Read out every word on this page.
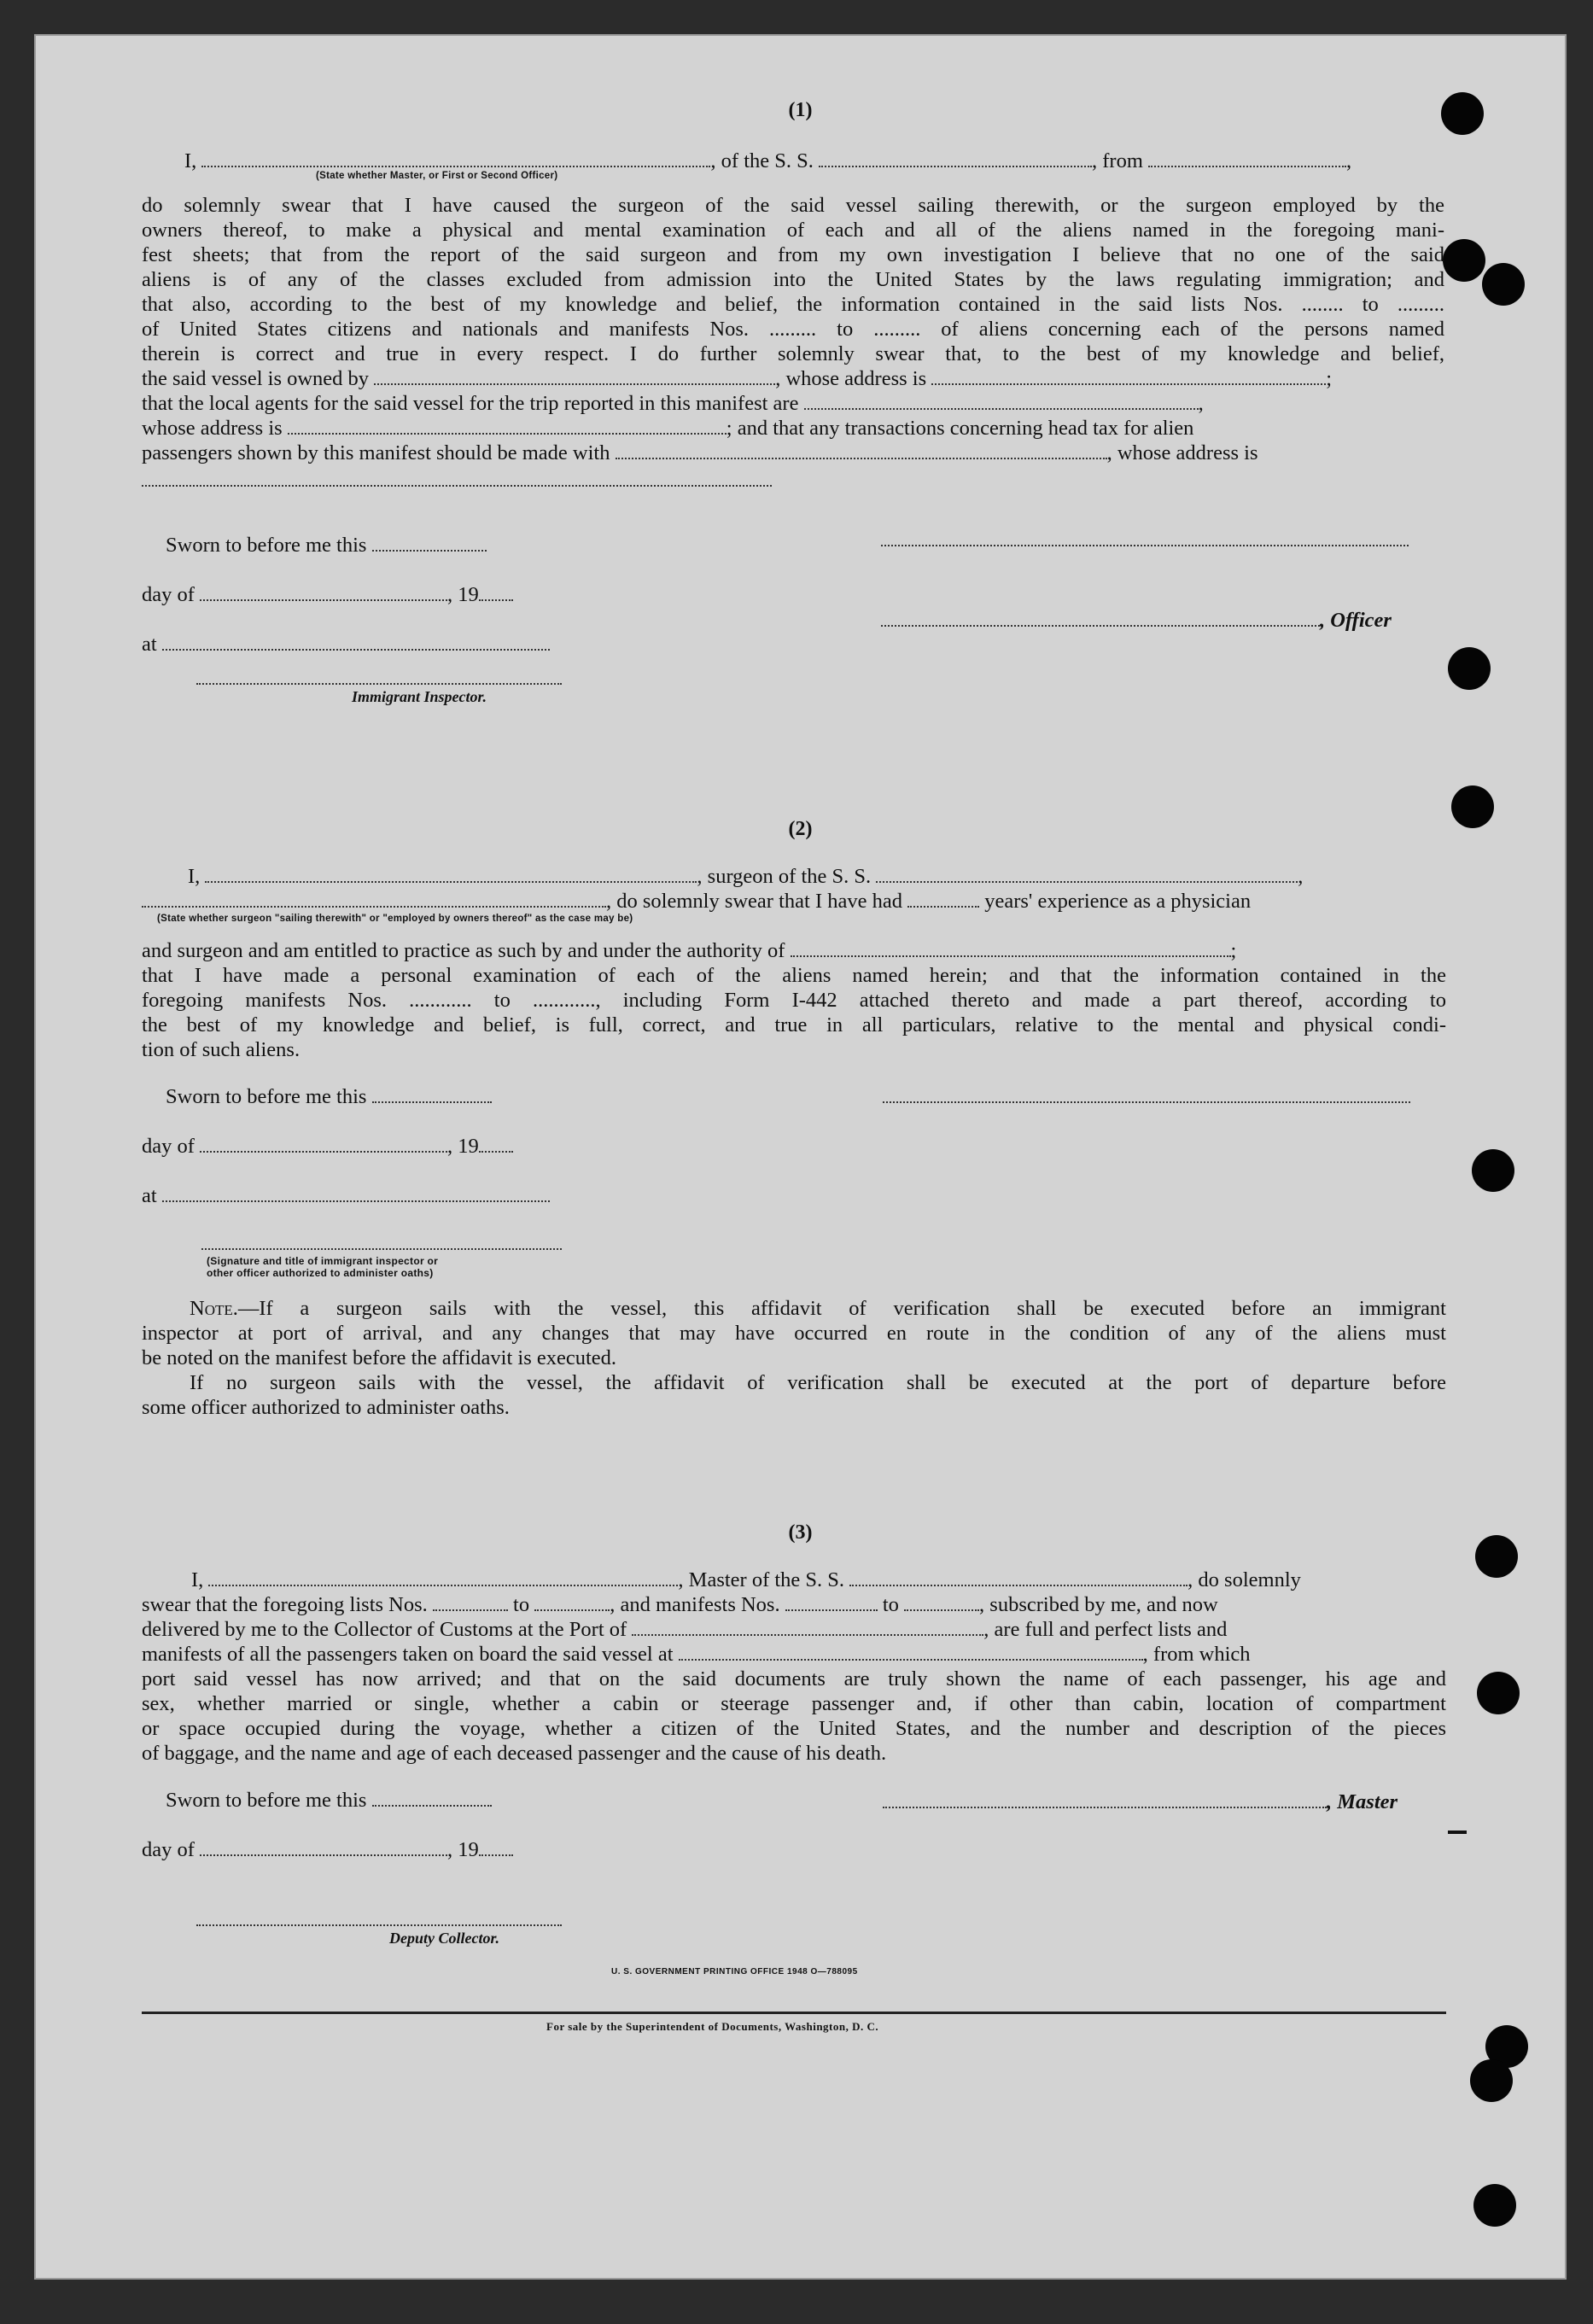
(1)
I,	, of the S. S.	, from	,
(State whether Master, or First or Second Officer)
do solemnly swear that I have caused the surgeon of the said vessel sailing therewith, or the surgeon employed by the
owners thereof, to make a physical and mental examination of each and all of the aliens named in the foregoing mani-
fest sheets; that from the report of the said surgeon and from my own investigation I believe that no one of the said
aliens is of any of the classes excluded from admission into the United States by the laws regulating immigration; and
that also, according to the best of my knowledge and belief, the information contained in the said lists Nos. ........ to .........
of United States citizens and nationals and manifests Nos. ......... to ......... of aliens concerning each of the persons named
therein is correct and true in every respect. I do further solemnly swear that, to the best of my knowledge and belief,
the said vessel is owned by	, whose address is	;
that the local agents for the said vessel for the trip reported in this manifest are	,
whose address is	; and that any transactions concerning head tax for alien
passengers shown by this manifest should be made with	, whose address is
Sworn to before me this
day of	, 19
, Officer
at
Immigrant Inspector.
(2)
I,	, surgeon of the S. S.	,
, do solemnly swear that I have had	years' experience as a physician
(State whether surgeon "sailing therewith" or "employed by owners thereof" as the case may be)
and surgeon and am entitled to practice as such by and under the authority of	;
that I have made a personal examination of each of the aliens named herein; and that the information contained in the
foregoing manifests Nos. ............ to ............, including Form I-442 attached thereto and made a part thereof, according to
the best of my knowledge and belief, is full, correct, and true in all particulars, relative to the mental and physical condi-
tion of such aliens.
Sworn to before me this
day of	, 19
at
(Signature and title of immigrant inspector or
other officer authorized to administer oaths)
Note.—If a surgeon sails with the vessel, this affidavit of verification shall be executed before an immigrant
inspector at port of arrival, and any changes that may have occurred en route in the condition of any of the aliens must
be noted on the manifest before the affidavit is executed.
If no surgeon sails with the vessel, the affidavit of verification shall be executed at the port of departure before
some officer authorized to administer oaths.
(3)
I,	, Master of the S. S.	, do solemnly
swear that the foregoing lists Nos.	to	, and manifests Nos.	to	, subscribed by me, and now
delivered by me to the Collector of Customs at the Port of	, are full and perfect lists and
manifests of all the passengers taken on board the said vessel at	, from which
port said vessel has now arrived; and that on the said documents are truly shown the name of each passenger, his age and
sex, whether married or single, whether a cabin or steerage passenger and, if other than cabin, location of compartment
or space occupied during the voyage, whether a citizen of the United States, and the number and description of the pieces
of baggage, and the name and age of each deceased passenger and the cause of his death.
Sworn to before me this	, Master
day of	, 19
Deputy Collector.
U. S. GOVERNMENT PRINTING OFFICE 1948 O—788095
For sale by the Superintendent of Documents, Washington, D. C.
